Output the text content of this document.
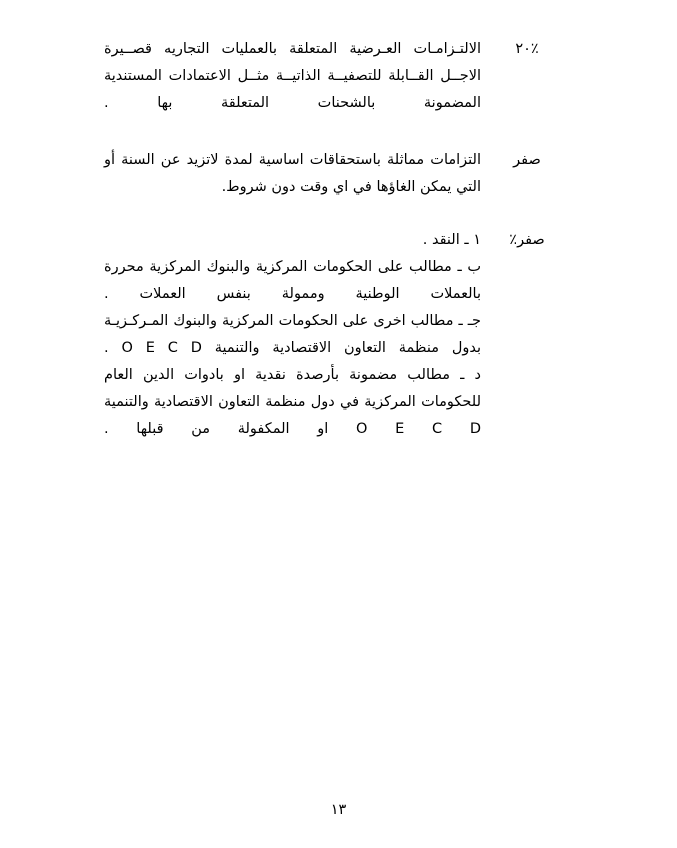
٪٢٠

الالتـزامـات العـرضية المتعلقة بالعمليات التجاريه قصــيرة الاجــل القــابلة للتصفيــة الذاتيــة مثــل الاعتمادات المستندية المضمونة بالشحنات المتعلقة بها .

صفر

التزامات مماثلة باستحقاقات اساسية لمدة لاتزيد عن السنة أو التي يمكن الغاؤها في اي وقت دون شروط.

صفر٪

١ ـ النقد .

ب ـ مطالب على الحكومات المركزية والبنوك المركزية محررة بالعملات الوطنية وممولة بنفس العملات .

جـ ـ مطالب اخرى على الحكومات المركزية والبنوك المـركـزيـة بدول منظمة التعاون الاقتصادية والتنمية O E C D .

د ـ مطالب مضمونة بأرصدة نقدية او بادوات الدين العام للحكومات المركزية في دول منظمة التعاون الاقتصادية والتنمية O E C D او المكفولة من قبلها .

١٣
